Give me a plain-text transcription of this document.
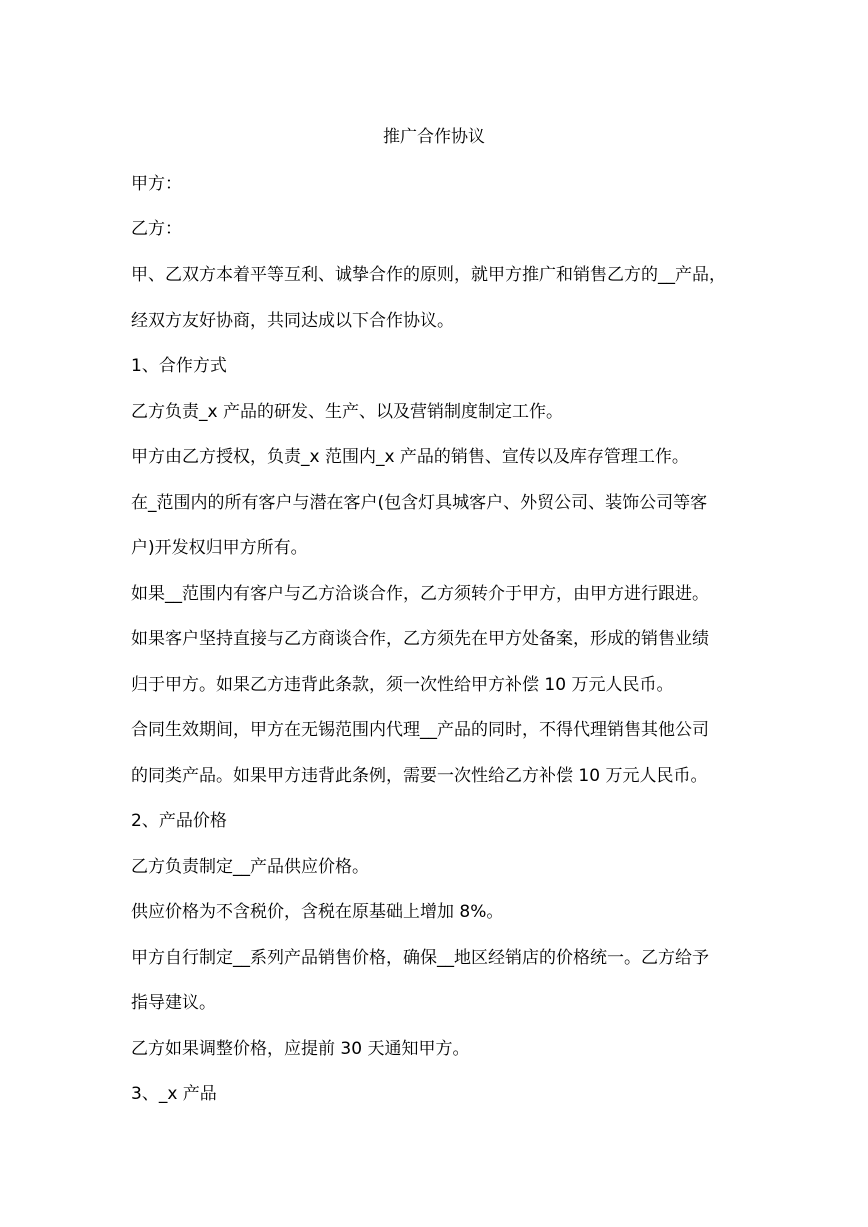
推广合作协议

甲方：

乙方：

甲、乙双方本着平等互利、诚挚合作的原则，就甲方推广和销售乙方的__产品，

经双方友好协商，共同达成以下合作协议。

1、合作方式

乙方负责_x 产品的研发、生产、以及营销制度制定工作。

甲方由乙方授权，负责_x 范围内_x 产品的销售、宣传以及库存管理工作。

在_范围内的所有客户与潜在客户(包含灯具城客户、外贸公司、装饰公司等客

户)开发权归甲方所有。

如果__范围内有客户与乙方洽谈合作，乙方须转介于甲方，由甲方进行跟进。

如果客户坚持直接与乙方商谈合作，乙方须先在甲方处备案，形成的销售业绩

归于甲方。如果乙方违背此条款，须一次性给甲方补偿 10 万元人民币。

合同生效期间，甲方在无锡范围内代理__产品的同时，不得代理销售其他公司

的同类产品。如果甲方违背此条例，需要一次性给乙方补偿 10 万元人民币。

2、产品价格

乙方负责制定__产品供应价格。

供应价格为不含税价，含税在原基础上增加 8%。

甲方自行制定__系列产品销售价格，确保__地区经销店的价格统一。乙方给予

指导建议。

乙方如果调整价格，应提前 30 天通知甲方。

3、_x 产品
